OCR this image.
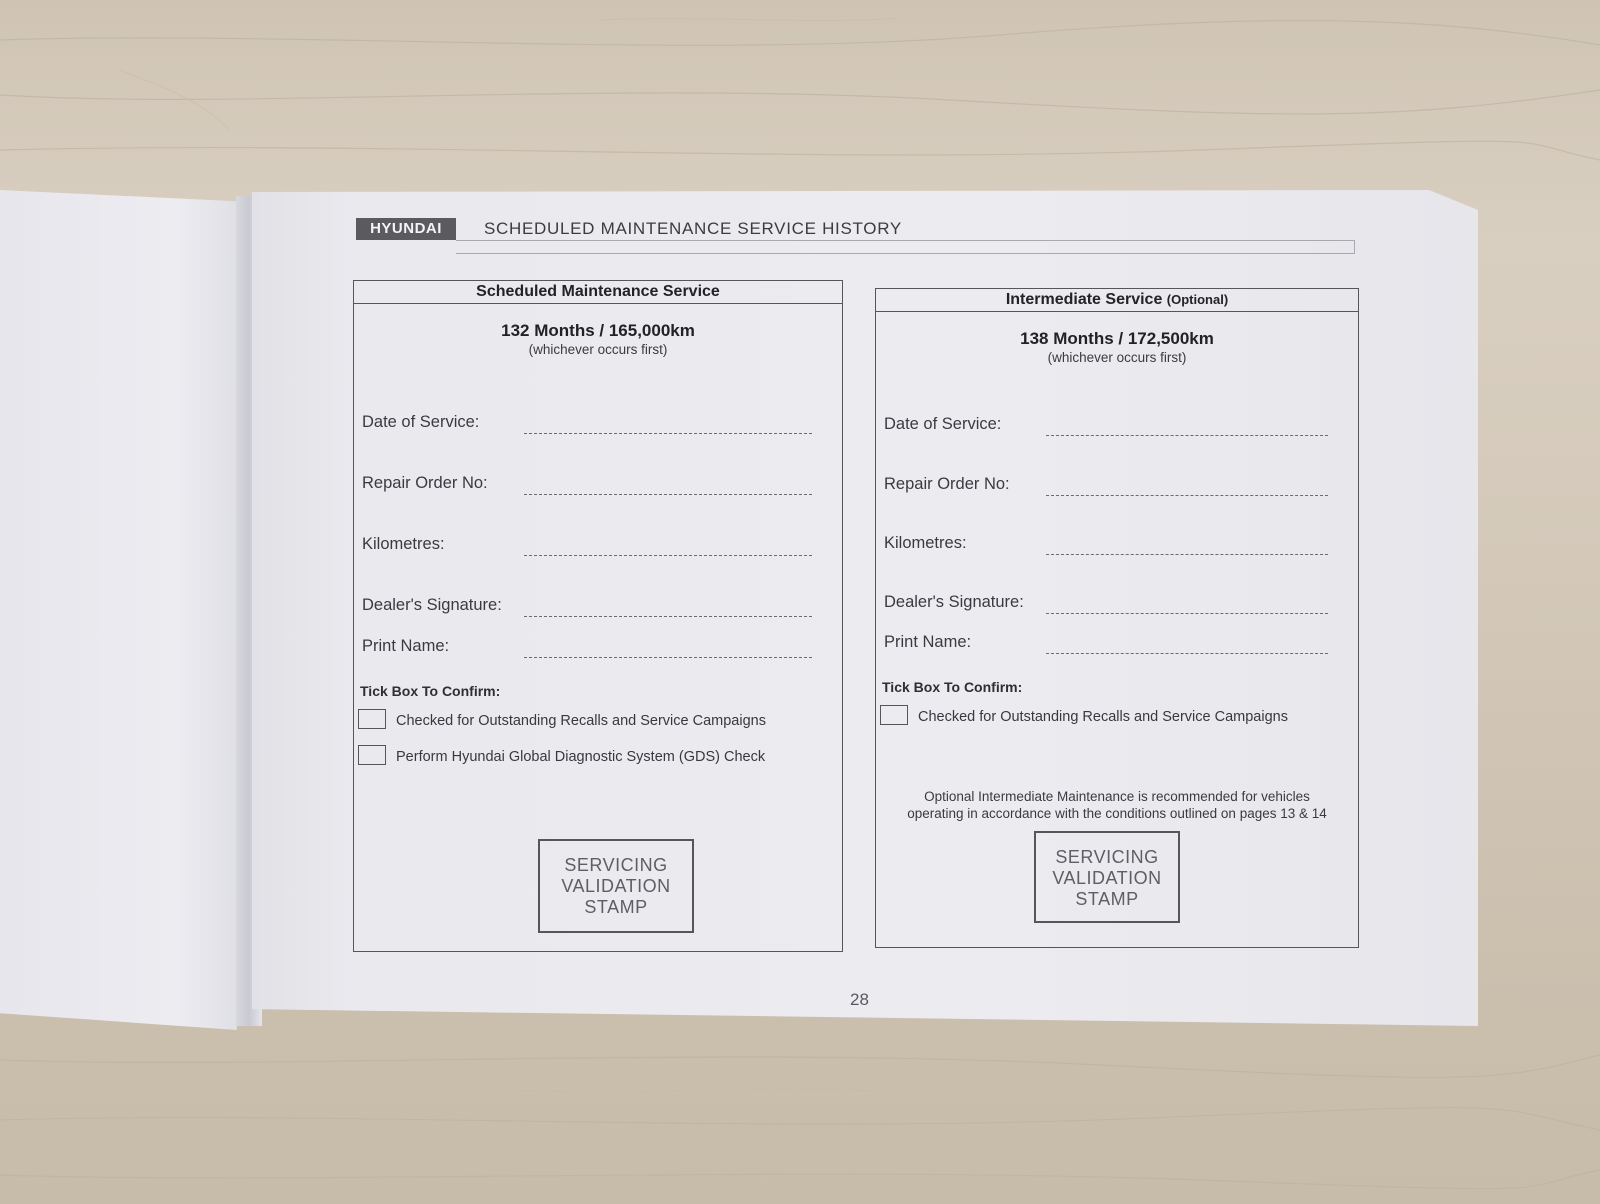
HYUNDAI	SCHEDULED MAINTENANCE SERVICE HISTORY
Scheduled Maintenance Service
132 Months / 165,000km
(whichever occurs first)
Date of Service:
Repair Order No:
Kilometres:
Dealer's Signature:
Print Name:
Tick Box To Confirm:
Checked for Outstanding Recalls and Service Campaigns
Perform Hyundai Global Diagnostic System (GDS) Check
SERVICING
VALIDATION
STAMP
Intermediate Service (Optional)
138 Months / 172,500km
(whichever occurs first)
Date of Service:
Repair Order No:
Kilometres:
Dealer's Signature:
Print Name:
Tick Box To Confirm:
Checked for Outstanding Recalls and Service Campaigns
Optional Intermediate Maintenance is recommended for vehicles
operating in accordance with the conditions outlined on pages 13 & 14
SERVICING
VALIDATION
STAMP
28
